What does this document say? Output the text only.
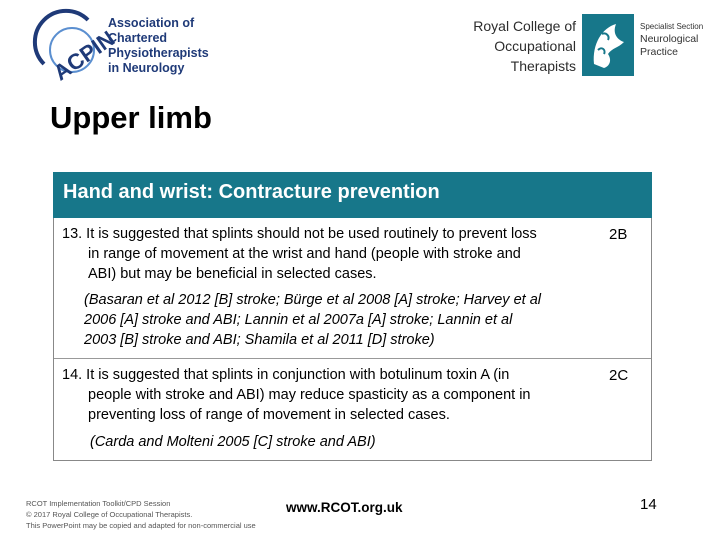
ACPIN
Association of
Chartered
Physiotherapists
in Neurology
Royal College of
Occupational
Therapists
Specialist Section
Neurological
Practice
Upper limb
Hand and wrist: Contracture prevention
13. It is suggested that splints should not be used routinely to prevent loss
in range of movement at the wrist and hand (people with stroke and
ABI) but may be beneficial in selected cases.
2B
(Basaran et al 2012 [B] stroke; Bürge et al 2008 [A] stroke; Harvey et al
2006 [A] stroke and ABI; Lannin et al 2007a [A] stroke; Lannin et al
2003 [B] stroke and ABI; Shamila et al 2011 [D] stroke)
14. It is suggested that splints in conjunction with botulinum toxin A (in
people with stroke and ABI) may reduce spasticity as a component in
preventing loss of range of movement in selected cases.
2C
(Carda and Molteni 2005 [C] stroke and ABI)
RCOT Implementation Toolkit/CPD Session
© 2017 Royal College of Occupational Therapists.
This PowerPoint may be copied and adapted for non-commercial use
www.RCOT.org.uk	14
